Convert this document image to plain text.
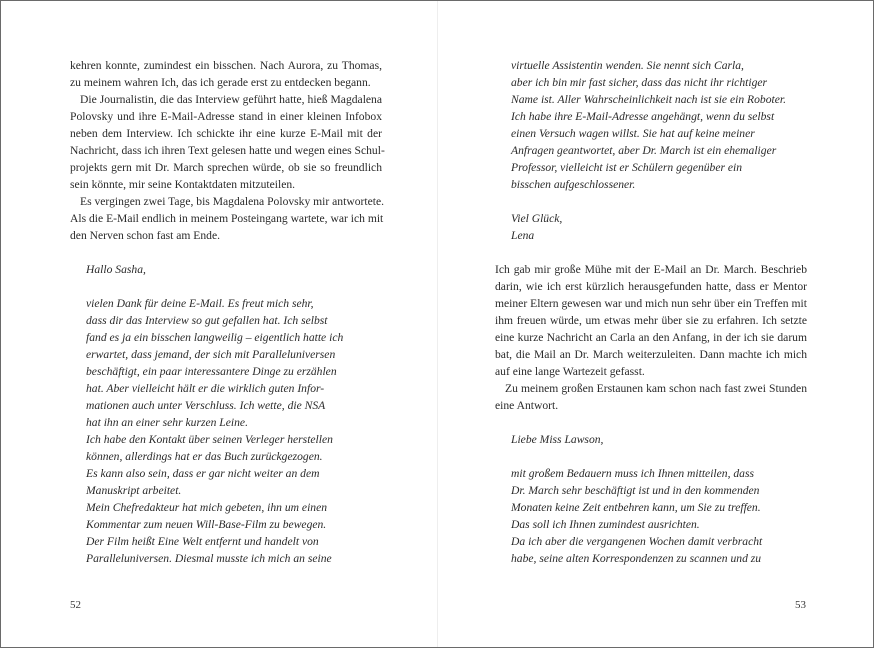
kehren konnte, zumindest ein bisschen. Nach Aurora, zu Thomas,
zu meinem wahren Ich, das ich gerade erst zu entdecken begann.
Die Journalistin, die das Interview geführt hatte, hieß Magdalena
Polovsky und ihre E-Mail-Adresse stand in einer kleinen Infobox
neben dem Interview. Ich schickte ihr eine kurze E-Mail mit der
Nachricht, dass ich ihren Text gelesen hatte und wegen eines Schul-
projekts gern mit Dr. March sprechen würde, ob sie so freundlich
sein könnte, mir seine Kontaktdaten mitzuteilen.
Es vergingen zwei Tage, bis Magdalena Polovsky mir antwortete.
Als die E-Mail endlich in meinem Posteingang wartete, war ich mit
den Nerven schon fast am Ende.
Hallo Sasha,
vielen Dank für deine E-Mail. Es freut mich sehr,
dass dir das Interview so gut gefallen hat. Ich selbst
fand es ja ein bisschen langweilig – eigentlich hatte ich
erwartet, dass jemand, der sich mit Paralleluniversen
beschäftigt, ein paar interessantere Dinge zu erzählen
hat. Aber vielleicht hält er die wirklich guten Infor-
mationen auch unter Verschluss. Ich wette, die NSA
hat ihn an einer sehr kurzen Leine.
Ich habe den Kontakt über seinen Verleger herstellen
können, allerdings hat er das Buch zurückgezogen.
Es kann also sein, dass er gar nicht weiter an dem
Manuskript arbeitet.
Mein Chefredakteur hat mich gebeten, ihn um einen
Kommentar zum neuen Will-Base-Film zu bewegen.
Der Film heißt Eine Welt entfernt und handelt von
Paralleluniversen. Diesmal musste ich mich an seine
52
virtuelle Assistentin wenden. Sie nennt sich Carla,
aber ich bin mir fast sicher, dass das nicht ihr richtiger
Name ist. Aller Wahrscheinlichkeit nach ist sie ein Roboter.
Ich habe ihre E-Mail-Adresse angehängt, wenn du selbst
einen Versuch wagen willst. Sie hat auf keine meiner
Anfragen geantwortet, aber Dr. March ist ein ehemaliger
Professor, vielleicht ist er Schülern gegenüber ein
bisschen aufgeschlossener.
Viel Glück,
Lena
Ich gab mir große Mühe mit der E-Mail an Dr. March. Beschrieb
darin, wie ich erst kürzlich herausgefunden hatte, dass er Mentor
meiner Eltern gewesen war und mich nun sehr über ein Treffen mit
ihm freuen würde, um etwas mehr über sie zu erfahren. Ich setzte
eine kurze Nachricht an Carla an den Anfang, in der ich sie darum
bat, die Mail an Dr. March weiterzuleiten. Dann machte ich mich
auf eine lange Wartezeit gefasst.
Zu meinem großen Erstaunen kam schon nach fast zwei Stunden
eine Antwort.
Liebe Miss Lawson,
mit großem Bedauern muss ich Ihnen mitteilen, dass
Dr. March sehr beschäftigt ist und in den kommenden
Monaten keine Zeit entbehren kann, um Sie zu treffen.
Das soll ich Ihnen zumindest ausrichten.
Da ich aber die vergangenen Wochen damit verbracht
habe, seine alten Korrespondenzen zu scannen und zu
53
